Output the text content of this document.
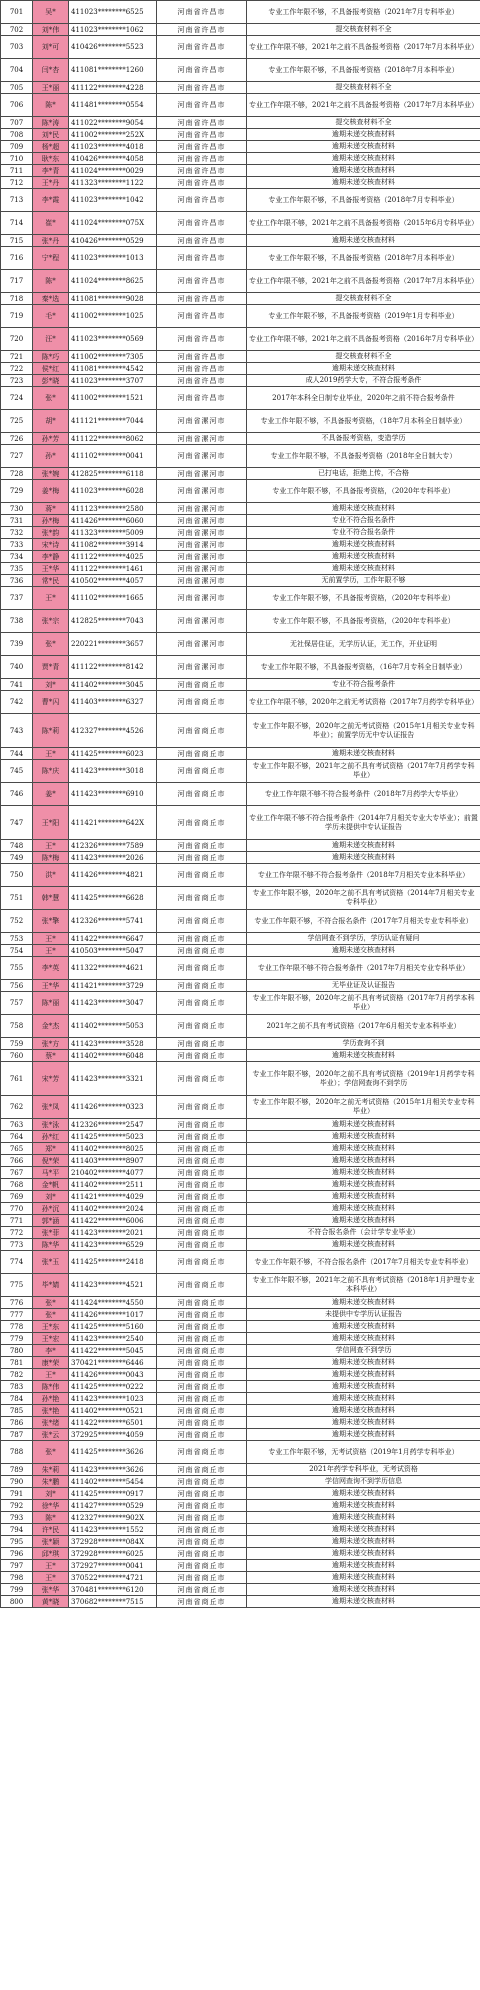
701	吴*	411023********6525	河南省许昌市	专业工作年限不够，不具备报考资格（2021年7月专科毕业）
702	刘*伟	411023********1062	河南省许昌市	提交核查材料不全
703	刘*可	410426********5523	河南省许昌市	专业工作年限不够，2021年之前不具备报考资格（2017年7月本科毕业）
704	闫*杏	411081********1260	河南省许昌市	专业工作年限不够，不具备报考资格（2018年7月本科毕业）
705	王*丽	411122********4228	河南省许昌市	提交核查材料不全
706	陈*	411481********0554	河南省许昌市	专业工作年限不够，2021年之前不具备报考资格（2017年7月本科毕业）
707	陈*涛	411022********9054	河南省许昌市	提交核查材料不全
708	刘*民	411002********252X	河南省许昌市	逾期未递交核查材料
709	杨*超	411023********4018	河南省许昌市	逾期未递交核查材料
710	耿*东	410426********4058	河南省许昌市	逾期未递交核查材料
711	李*青	411024********0029	河南省许昌市	逾期未递交核查材料
712	王*丹	411323********1122	河南省许昌市	逾期未递交核查材料
713	李*霞	411023********1042	河南省许昌市	专业工作年限不够，不具备报考资格（2018年7月专科毕业）
714	崔*	411024********075X	河南省许昌市	专业工作年限不够，2021年之前不具备报考资格（2015年6月专科毕业）
715	张*丹	410426********0529	河南省许昌市	逾期未递交核查材料
716	宁*程	411023********1013	河南省许昌市	专业工作年限不够，不具备报考资格（2018年7月本科毕业）
717	陈*	411024********8625	河南省许昌市	专业工作年限不够，2021年之前不具备报考资格（2017年7月本科毕业）
718	秦*选	411081********9028	河南省许昌市	提交核查材料不全
719	毛*	411002********1025	河南省许昌市	专业工作年限不够，不具备报考资格（2019年1月专科毕业）
720	汪*	411023********0569	河南省许昌市	专业工作年限不够，2021年之前不具备报考资格（2016年7月专科毕业）
721	陈*巧	411002********7305	河南省许昌市	提交核查材料不全
722	侯*红	411081********4542	河南省许昌市	逾期未递交核查材料
723	彭*晓	411023********3707	河南省许昌市	成人2019药学大专，不符合报考条件
724	张*	411002********1521	河南省许昌市	2017年本科全日制专业毕业，2020年之前不符合报考条件
725	胡*	411121********7044	河南省漯河市	专业工作年限不够，不具备报考资格，（18年7月本科全日制毕业）
726	孙*芳	411122********8062	河南省漯河市	不具备报考资格，变造学历
727	孙*	411102********0041	河南省漯河市	专业工作年限不够，不具备报考资格（2018年全日制大专）
728	张*婉	412825********6118	河南省漯河市	已打电话，拒绝上传，不合格
729	姜*梅	411023********6028	河南省漯河市	专业工作年限不够，不具备报考资格，（2020年专科毕业）
730	蒋*	411123********2580	河南省漯河市	逾期未递交核查材料
731	孙*梅	411426********6060	河南省漯河市	专业不符合报名条件
732	张*韵	411323********5009	河南省漯河市	专业不符合报名条件
733	宋*诗	411082********3914	河南省漯河市	逾期未递交核查材料
734	李*静	411122********4025	河南省漯河市	逾期未递交核查材料
735	王*华	411122********1461	河南省漯河市	逾期未递交核查材料
736	常*民	410502********4057	河南省漯河市	无前置学历，工作年限不够
737	王*	411102********1665	河南省漯河市	专业工作年限不够，不具备报考资格，（2020年专科毕业）
738	张*宗	412825********7043	河南省漯河市	专业工作年限不够，不具备报考资格，（2020年专科毕业）
739	张*	220221********3657	河南省漯河市	无社保居住证，无学历认证，无工作，开业证明
740	贾*青	411122********8142	河南省漯河市	专业工作年限不够，不具备报考资格，（16年7月专科全日制毕业）
741	刘*	411402********3045	河南省商丘市	专业不符合报考条件
742	曹*闪	411403********6327	河南省商丘市	专业工作年限不够，2020年之前无考试资格（2017年7月药学专科毕业）
743	陈*莉	412327********4526	河南省商丘市	专业工作年限不够，2020年之前无考试资格（2015年1月相关专业专科毕业）；前置学历无中专认证报告
744	王*	411425********6023	河南省商丘市	逾期未递交核查材料
745	陈*庆	411423********3018	河南省商丘市	专业工作年限不够，2021年之前不具有考试资格（2017年7月药学专科毕业）
746	姜*	411423********6910	河南省商丘市	专业工作年限不够不符合报考条件（2018年7月药学大专毕业）
747	王*阳	411421********642X	河南省商丘市	专业工作年限不够不符合报考条件（2014年7月相关专业大专毕业）；前置学历未提供中专认证报告
748	王*	412326********7589	河南省商丘市	逾期未递交核查材料
749	陈*梅	411423********2026	河南省商丘市	逾期未递交核查材料
750	洪*	411426********4821	河南省商丘市	专业工作年限不够不符合报考条件（2018年7月相关专业本科毕业）
751	韩*慧	411425********6628	河南省商丘市	专业工作年限不够，2020年之前不具有考试资格（2014年7月相关专业专科毕业）
752	张*擎	412326********5741	河南省商丘市	专业工作年限不够，不符合报名条件（2017年7月相关专业专科毕业）
753	王*	411422********6647	河南省商丘市	学信网查不到学历，学历认证有疑问
754	王*	410503********5047	河南省商丘市	逾期未递交核查材料
755	李*英	411322********4621	河南省商丘市	专业工作年限不够不符合报考条件（2017年7月相关专业专科毕业）
756	王*华	411421********3729	河南省商丘市	无毕业证及认证报告
757	陈*丽	411423********3047	河南省商丘市	专业工作年限不够，2020年之前不具有考试资格（2017年7月药学本科毕业）
758	金*杰	411402********5053	河南省商丘市	2021年之前不具有考试资格（2017年6月相关专业本科毕业）
759	张*方	411423********3528	河南省商丘市	学历查询不到
760	蔡*	411402********6048	河南省商丘市	逾期未递交核查材料
761	宋*芳	411423********3321	河南省商丘市	专业工作年限不够，2020年之前不具有考试资格（2019年1月药学专科毕业）；学信网查询不到学历
762	张*凤	411426********0323	河南省商丘市	专业工作年限不够，2020年之前无考试资格（2015年1月相关专业专科毕业）
763	张*泳	412326********2547	河南省商丘市	逾期未递交核查材料
764	孙*红	411425********5023	河南省商丘市	逾期未递交核查材料
765	郑*	411402********8025	河南省商丘市	逾期未递交核查材料
766	倪*荣	411403********8907	河南省商丘市	逾期未递交核查材料
767	马*平	210402********4077	河南省商丘市	逾期未递交核查材料
768	金*帆	411402********2511	河南省商丘市	逾期未递交核查材料
769	刘*	411421********4029	河南省商丘市	逾期未递交核查材料
770	孙*沉	411402********2024	河南省商丘市	逾期未递交核查材料
771	郭*涵	411422********6006	河南省商丘市	逾期未递交核查材料
772	张*菲	411423********2021	河南省商丘市	不符合报名条件（会计学专业毕业）
773	陈*华	411423********6529	河南省商丘市	逾期未递交核查材料
774	张*玉	411425********2418	河南省商丘市	专业工作年限不够，不符合报名条件（2017年7月相关专业专科毕业）
775	毕*婧	411423********4521	河南省商丘市	专业工作年限不够，2021年之前不具有考试资格（2018年1月护理专业本科毕业）
776	张*	411424********4550	河南省商丘市	逾期未递交核查材料
777	张*	411426********1017	河南省商丘市	未提供中专学历认证报告
778	王*东	411425********5160	河南省商丘市	逾期未递交核查材料
779	王*宏	411423********2540	河南省商丘市	逾期未递交核查材料
780	李*	411422********5045	河南省商丘市	学信网查不到学历
781	康*荣	370421********6446	河南省商丘市	逾期未递交核查材料
782	王*	411426********0043	河南省商丘市	逾期未递交核查材料
783	陈*伟	411425********0222	河南省商丘市	逾期未递交核查材料
784	孙*艳	411423********1023	河南省商丘市	逾期未递交核查材料
785	张*艳	411402********0521	河南省商丘市	逾期未递交核查材料
786	张*绪	411422********6501	河南省商丘市	逾期未递交核查材料
787	张*云	372925********4059	河南省商丘市	逾期未递交核查材料
788	张*	411425********3626	河南省商丘市	专业工作年限不够，无考试资格（2019年1月药学专科毕业）
789	朱*莉	411423********3626	河南省商丘市	2021年药学专科毕业，无考试资格
790	朱*鹏	411402********5454	河南省商丘市	学信网查询不到学历信息
791	刘*	411425********0917	河南省商丘市	逾期未递交核查材料
792	徐*华	411427********0529	河南省商丘市	逾期未递交核查材料
793	陈*	412327********902X	河南省商丘市	逾期未递交核查材料
794	许*民	411423********1552	河南省商丘市	逾期未递交核查材料
795	张*颖	372928********084X	河南省商丘市	逾期未递交核查材料
796	邱*琪	372928********6025	河南省商丘市	逾期未递交核查材料
797	王*	372927********0041	河南省商丘市	逾期未递交核查材料
798	王*	370522********4721	河南省商丘市	逾期未递交核查材料
799	张*华	370481********6120	河南省商丘市	逾期未递交核查材料
800	黄*晓	370682********7515	河南省商丘市	逾期未递交核查材料
